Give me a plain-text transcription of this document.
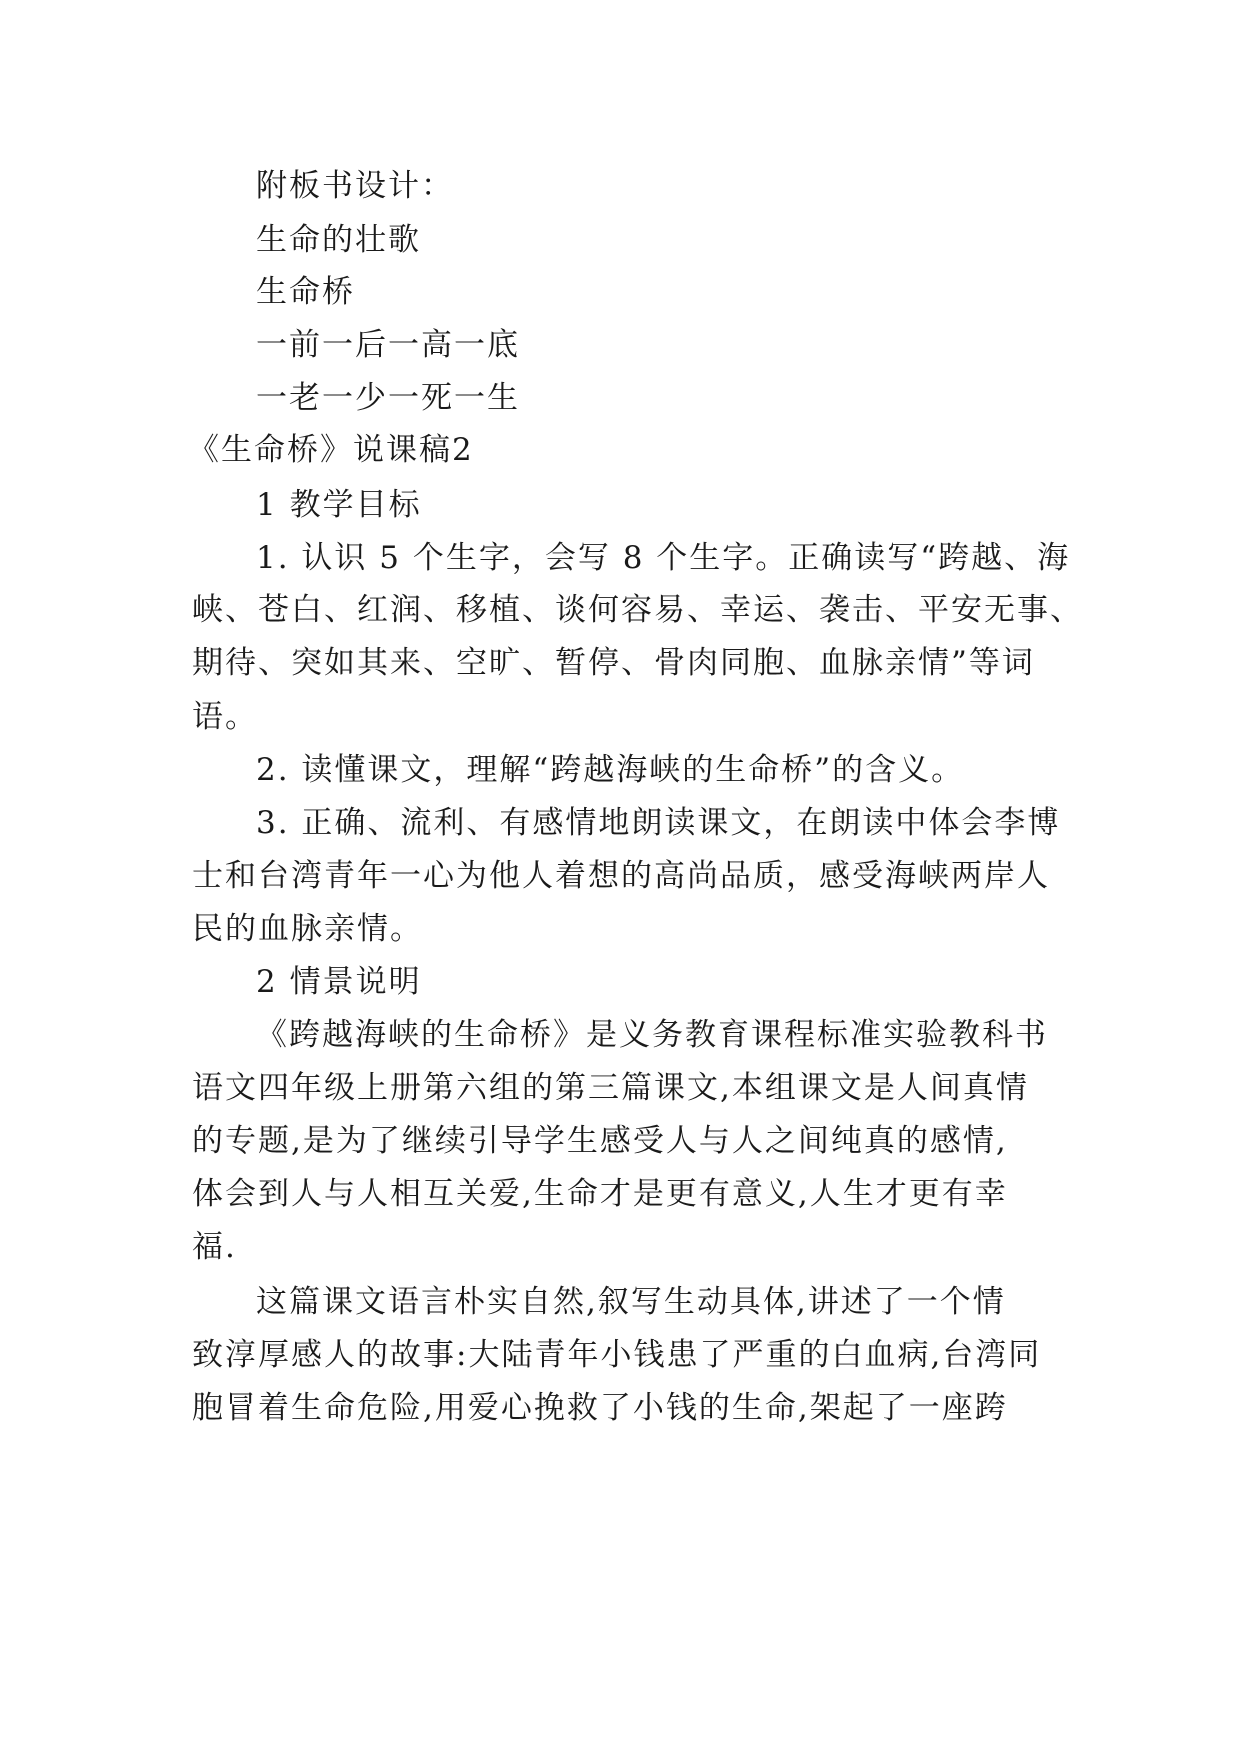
附板书设计：
生命的壮歌
生命桥
一前一后一高一底
一老一少一死一生
《生命桥》说课稿2
1 教学目标
1. 认识 5 个生字，会写 8 个生字。正确读写“跨越、海
峡、苍白、红润、移植、谈何容易、幸运、袭击、平安无事、
期待、突如其来、空旷、暂停、骨肉同胞、血脉亲情”等词
语。
2. 读懂课文，理解“跨越海峡的生命桥”的含义。
3. 正确、流利、有感情地朗读课文，在朗读中体会李博
士和台湾青年一心为他人着想的高尚品质，感受海峡两岸人
民的血脉亲情。
2 情景说明
《跨越海峡的生命桥》是义务教育课程标准实验教科书
语文四年级上册第六组的第三篇课文,本组课文是人间真情
的专题,是为了继续引导学生感受人与人之间纯真的感情,
体会到人与人相互关爱,生命才是更有意义,人生才更有幸
福.
这篇课文语言朴实自然,叙写生动具体,讲述了一个情
致淳厚感人的故事:大陆青年小钱患了严重的白血病,台湾同
胞冒着生命危险,用爱心挽救了小钱的生命,架起了一座跨
